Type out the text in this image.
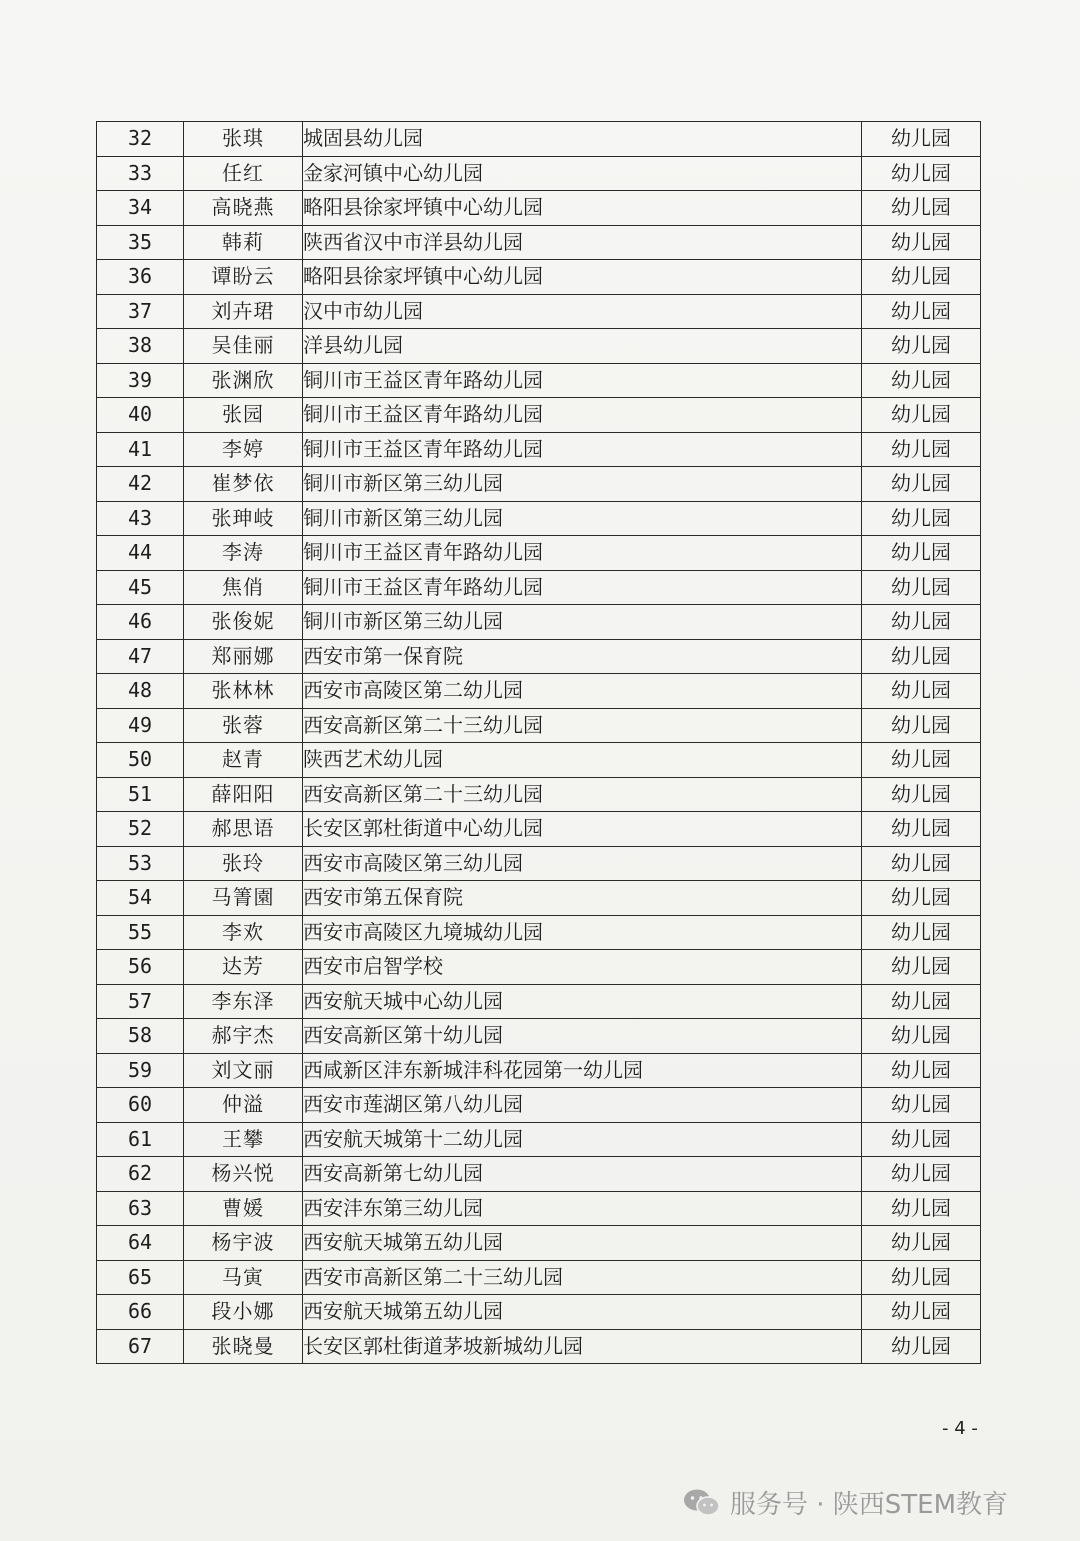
32	张琪	城固县幼儿园	幼儿园
33	任红	金家河镇中心幼儿园	幼儿园
34	高晓燕	略阳县徐家坪镇中心幼儿园	幼儿园
35	韩莉	陕西省汉中市洋县幼儿园	幼儿园
36	谭盼云	略阳县徐家坪镇中心幼儿园	幼儿园
37	刘卉珺	汉中市幼儿园	幼儿园
38	吴佳丽	洋县幼儿园	幼儿园
39	张渊欣	铜川市王益区青年路幼儿园	幼儿园
40	张园	铜川市王益区青年路幼儿园	幼儿园
41	李婷	铜川市王益区青年路幼儿园	幼儿园
42	崔梦依	铜川市新区第三幼儿园	幼儿园
43	张珅岐	铜川市新区第三幼儿园	幼儿园
44	李涛	铜川市王益区青年路幼儿园	幼儿园
45	焦俏	铜川市王益区青年路幼儿园	幼儿园
46	张俊妮	铜川市新区第三幼儿园	幼儿园
47	郑丽娜	西安市第一保育院	幼儿园
48	张林林	西安市高陵区第二幼儿园	幼儿园
49	张蓉	西安高新区第二十三幼儿园	幼儿园
50	赵青	陕西艺术幼儿园	幼儿园
51	薛阳阳	西安高新区第二十三幼儿园	幼儿园
52	郝思语	长安区郭杜街道中心幼儿园	幼儿园
53	张玲	西安市高陵区第三幼儿园	幼儿园
54	马箐園	西安市第五保育院	幼儿园
55	李欢	西安市高陵区九境城幼儿园	幼儿园
56	达芳	西安市启智学校	幼儿园
57	李东泽	西安航天城中心幼儿园	幼儿园
58	郝宇杰	西安高新区第十幼儿园	幼儿园
59	刘文丽	西咸新区沣东新城沣科花园第一幼儿园	幼儿园
60	仲溢	西安市莲湖区第八幼儿园	幼儿园
61	王攀	西安航天城第十二幼儿园	幼儿园
62	杨兴悦	西安高新第七幼儿园	幼儿园
63	曹媛	西安沣东第三幼儿园	幼儿园
64	杨宇波	西安航天城第五幼儿园	幼儿园
65	马寅	西安市高新区第二十三幼儿园	幼儿园
66	段小娜	西安航天城第五幼儿园	幼儿园
67	张晓曼	长安区郭杜街道茅坡新城幼儿园	幼儿园
- 4 -
服务号 · 陕西STEM教育
